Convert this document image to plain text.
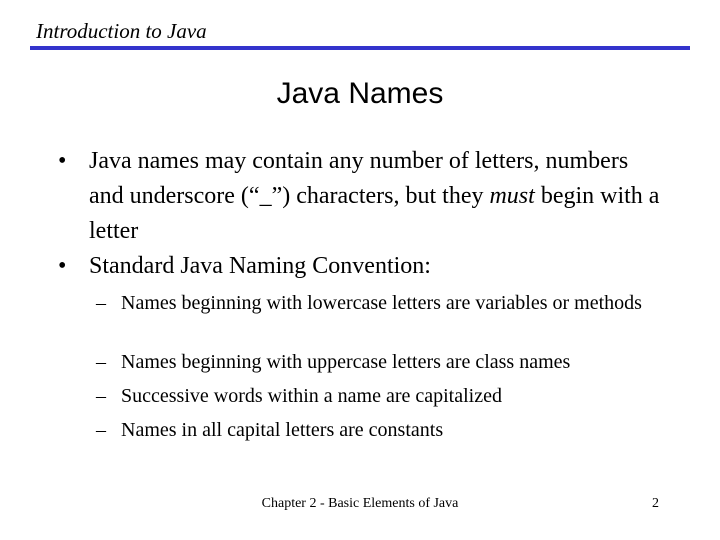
Introduction to Java
Java Names
• Java names may contain any number of letters, numbers and underscore (“_”) characters, but they must begin with a letter
• Standard Java Naming Convention:
– Names beginning with lowercase letters are variables or methods
– Names beginning with uppercase letters are class names
– Successive words within a name are capitalized
– Names in all capital letters are constants
Chapter 2 - Basic Elements of Java	2
